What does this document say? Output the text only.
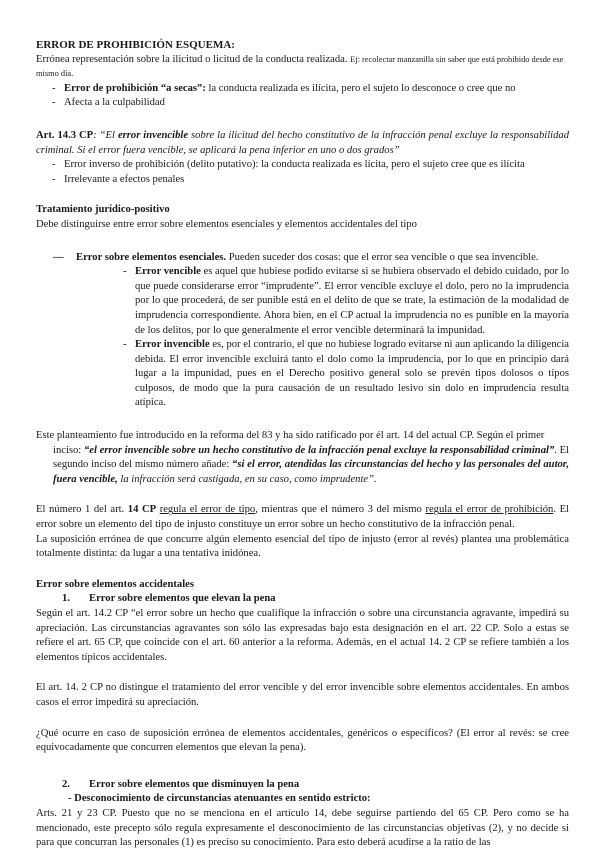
ERROR DE PROHIBICIÓN ESQUEMA:

Errónea representación sobre la ilicitud o licitud de la conducta realizada. Ej: recolectar manzanilla sin saber que está prohibido desde ese mismo día.

- Error de prohibición “a secas”: la conducta realizada es ilícita, pero el sujeto lo desconoce o cree que no
- Afecta a la culpabilidad

Art. 14.3 CP: “El error invencible sobre la ilicitud del hecho constitutivo de la infracción penal excluye la responsabilidad criminal. Si el error fuera vencible, se aplicará la pena inferior en uno o dos grados”

- Error inverso de prohibición (delito putativo): la conducta realizada es lícita, pero el sujeto cree que es ilícita
- Irrelevante a efectos penales

Tratamiento jurídico-positivo

Debe distinguirse entre error sobre elementos esenciales y elementos accidentales del tipo

— Error sobre elementos esenciales. Pueden suceder dos cosas: que el error sea vencible o que sea invencible.

- Error vencible es aquel que hubiese podido evitarse si se hubiera observado el debido cuidado, por lo que puede considerarse error “imprudente”. El error vencible excluye el dolo, pero no la imprudencia por lo que procederá, de ser punible está en el delito de que se trate, la estimación de la modalidad de imprudencia correspondiente. Ahora bien, en el CP actual la imprudencia no es punible en la mayoría de los delitos, por lo que generalmente el error vencible determinará la impunidad.
- Error invencible es, por el contrario, el que no hubiese logrado evitarse ni aun aplicando la diligencia debida. El error invencible excluirá tanto el dolo como la imprudencia, por lo que en principio dará lugar a la impunidad, pues en el Derecho positivo general solo se prevén tipos dolosos o tipos culposos, de modo que la pura causación de un resultado lesivo sin dolo en imprudencia resulta atípica.

Este planteamiento fue introducido en la reforma del 83 y ha sido ratificado por él art. 14 del actual CP. Según el primer

inciso: “el error invencible sobre un hecho constitutivo de la infracción penal excluye la responsabilidad criminal”. El segundo inciso del mismo número añade: “si el error, atendidas las circunstancias del hecho y las personales del autor, fuera vencible, la infracción será castigada, en su caso, como imprudente”.

El número 1 del art. 14 CP regula el error de tipo, mientras que el número 3 del mismo regula el error de prohibición. El error sobre un elemento del tipo de injusto constituye un error sobre un hecho constitutivo de la infracción penal.

La suposición errónea de que concurre algún elemento esencial del tipo de injusto (error al revés) plantea una problemática totalmente distinta: da lugar a una tentativa inidónea.

Error sobre elementos accidentales

1. Error sobre elementos que elevan la pena

Según el art. 14.2 CP “el error sobre un hecho que cualifique la infracción o sobre una circunstancia agravante, impedirá su apreciación. Las circunstancias agravantes son sólo las expresadas bajo esta designación en el art. 22 CP. Solo a estas se refiere el art. 65 CP, que coincide con el art. 60 anterior a la reforma. Además, en el actual 14. 2 CP se refiere también a los elementos típicos accidentales.

El art. 14. 2 CP no distingue el tratamiento del error vencible y del error invencible sobre elementos accidentales. En ambos casos el error impedirá su apreciación.

¿Qué ocurre en caso de suposición errónea de elementos accidentales, genéricos o específicos? (El error al revés: se cree equivocadamente que concurren elementos que elevan la pena).

2. Error sobre elementos que disminuyen la pena

- Desconocimiento de circunstancias atenuantes en sentido estricto:

Arts. 21 y 23 CP. Puesto que no se menciona en el artículo 14, debe seguirse partiendo del 65 CP. Pero como se ha mencionado, este precepto sólo regula expresamente el desconocimiento de las circunstancias objetivas (2), y no decide si para que concurran las personales (1) es preciso su conocimiento. Para esto deberá acudirse a la ratio de las
